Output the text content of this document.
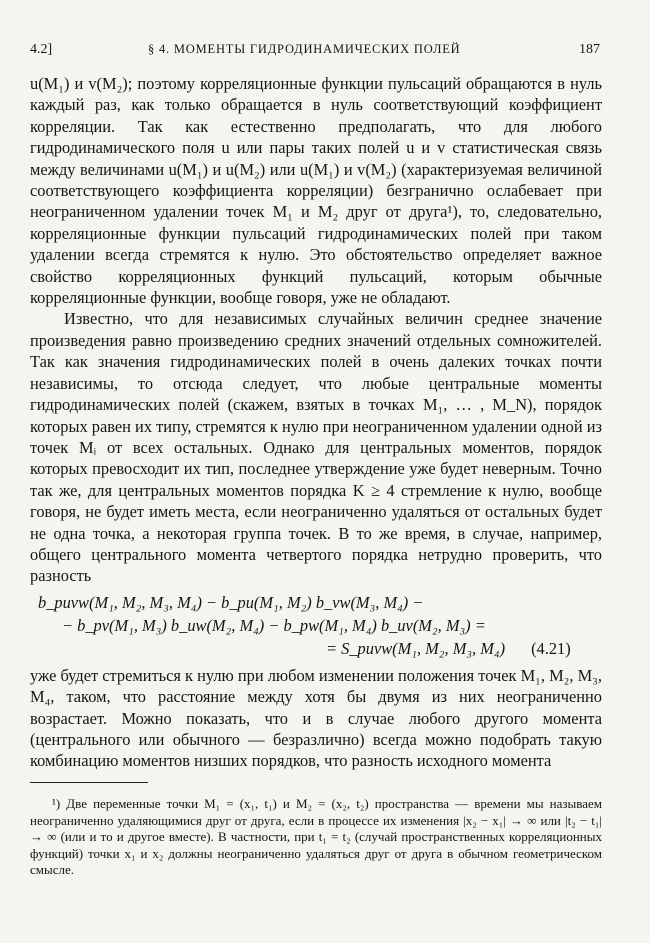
4.2]	§ 4. МОМЕНТЫ ГИДРОДИНАМИЧЕСКИХ ПОЛЕЙ	187

u(M₁) и v(M₂); поэтому корреляционные функции пульсаций обращаются в нуль каждый раз, как только обращается в нуль соответствующий коэффициент корреляции. Так как естественно предполагать, что для любого гидродинамического поля u или пары таких полей u и v статистическая связь между величинами u(M₁) и u(M₂) или u(M₁) и v(M₂) (характеризуемая величиной соответствующего коэффициента корреляции) безгранично ослабевает при неограниченном удалении точек M₁ и M₂ друг от друга¹), то, следовательно, корреляционные функции пульсаций гидродинамических полей при таком удалении всегда стремятся к нулю. Это обстоятельство определяет важное свойство корреляционных функций пульсаций, которым обычные корреляционные функции, вообще говоря, уже не обладают.

Известно, что для независимых случайных величин среднее значение произведения равно произведению средних значений отдельных сомножителей. Так как значения гидродинамических полей в очень далеких точках почти независимы, то отсюда следует, что любые центральные моменты гидродинамических полей (скажем, взятых в точках M₁, … , M_N), порядок которых равен их типу, стремятся к нулю при неограниченном удалении одной из точек Mᵢ от всех остальных. Однако для центральных моментов, порядок которых превосходит их тип, последнее утверждение уже будет неверным. Точно так же, для центральных моментов порядка K ≥ 4 стремление к нулю, вообще говоря, не будет иметь места, если неограниченно удаляться от остальных будет не одна точка, а некоторая группа точек. В то же время, в случае, например, общего центрального момента четвертого порядка нетрудно проверить, что разность

b_puvw(M₁, M₂, M₃, M₄) − b_pu(M₁, M₂) b_vw(M₃, M₄) −
− b_pv(M₁, M₃) b_uw(M₂, M₄) − b_pw(M₁, M₄) b_uv(M₂, M₃) =
= S_puvw(M₁, M₂, M₃, M₄) (4.21)

уже будет стремиться к нулю при любом изменении положения точек M₁, M₂, M₃, M₄, таком, что расстояние между хотя бы двумя из них неограниченно возрастает. Можно показать, что и в случае любого другого момента (центрального или обычного — безразлично) всегда можно подобрать такую комбинацию моментов низших порядков, что разность исходного момента

¹) Две переменные точки M₁ = (x₁, t₁) и M₂ = (x₂, t₂) пространства — времени мы называем неограниченно удаляющимися друг от друга, если в процессе их изменения |x₂ − x₁| → ∞ или |t₂ − t₁| → ∞ (или и то и другое вместе). В частности, при t₁ = t₂ (случай пространственных корреляционных функций) точки x₁ и x₂ должны неограниченно удаляться друг от друга в обычном геометрическом смысле.
